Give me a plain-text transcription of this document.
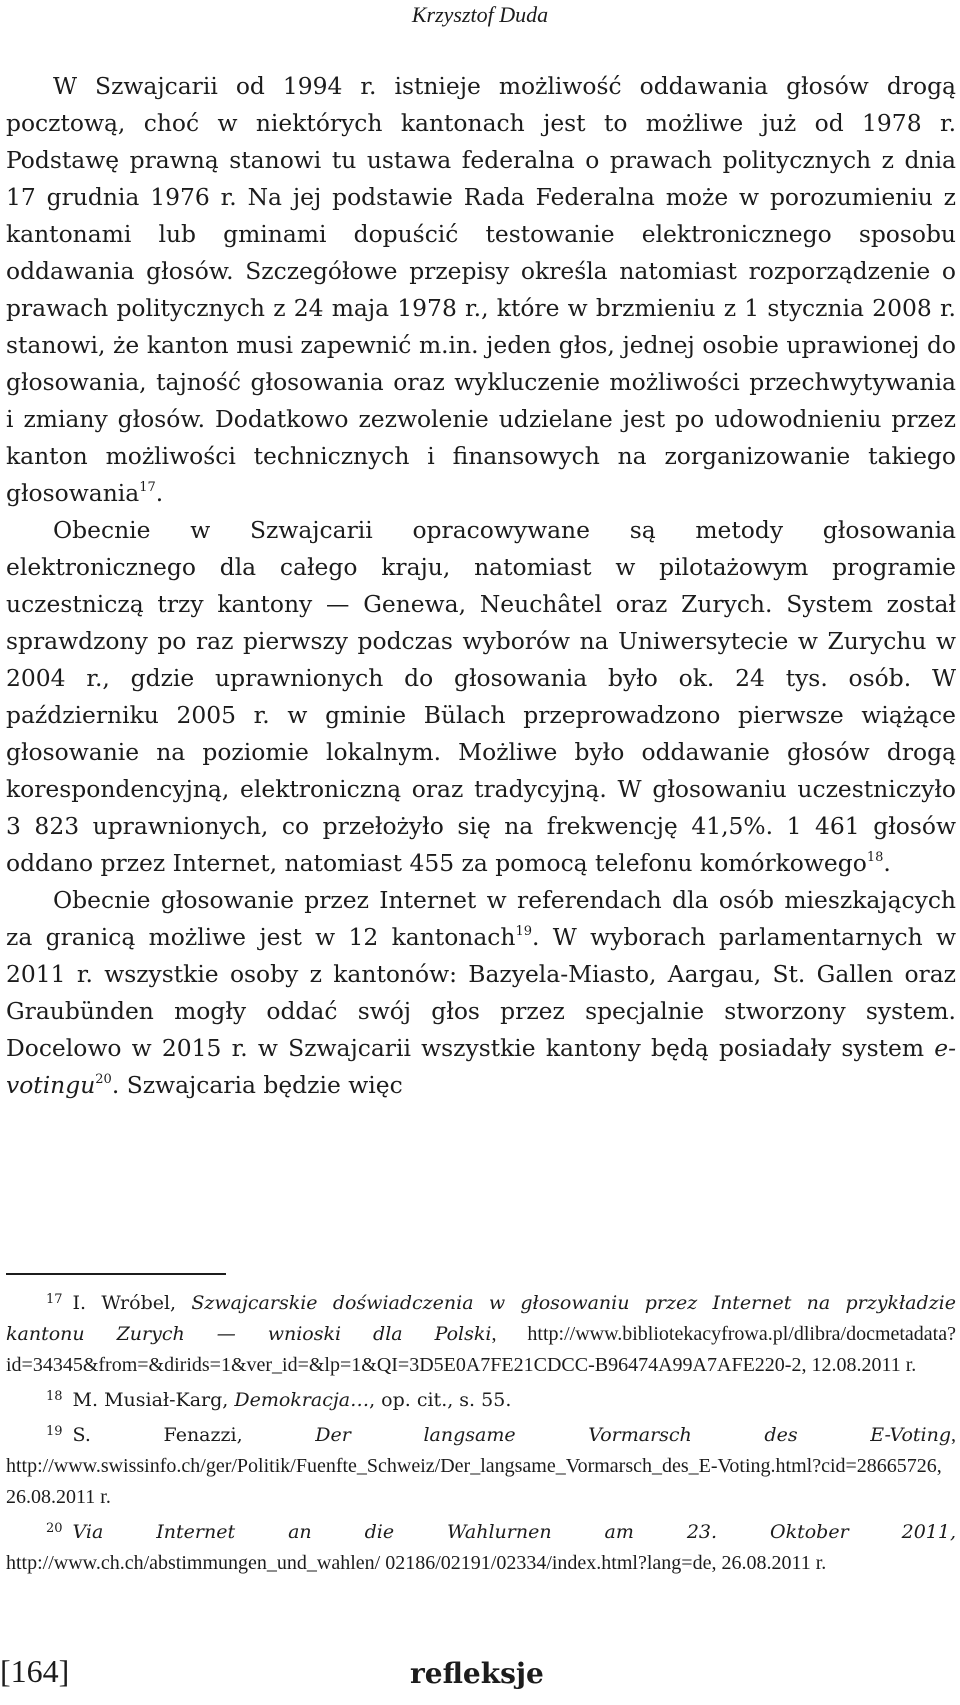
Krzysztof Duda

W Szwajcarii od 1994 r. istnieje możliwość oddawania głosów drogą pocztową, choć w niektórych kantonach jest to możliwe już od 1978 r. Podstawę prawną stanowi tu ustawa federalna o prawach politycznych z dnia 17 grudnia 1976 r. Na jej podstawie Rada Federalna może w porozumieniu z kantonami lub gminami dopuścić testowanie elektronicznego sposobu oddawania głosów. Szczegółowe przepisy określa natomiast rozporządzenie o prawach politycznych z 24 maja 1978 r., które w brzmieniu z 1 stycznia 2008 r. stanowi, że kanton musi zapewnić m.in. jeden głos, jednej osobie uprawionej do głosowania, tajność głosowania oraz wykluczenie możliwości przechwytywania i zmiany głosów. Dodatkowo zezwolenie udzielane jest po udowodnieniu przez kanton możliwości technicznych i finansowych na zorganizowanie takiego głosowania$^{17}$.

Obecnie w Szwajcarii opracowywane są metody głosowania elektronicznego dla całego kraju, natomiast w pilotażowym programie uczestniczą trzy kantony — Genewa, Neuchâtel oraz Zurych. System został sprawdzony po raz pierwszy podczas wyborów na Uniwersytecie w Zurychu w 2004 r., gdzie uprawnionych do głosowania było ok. 24 tys. osób. W październiku 2005 r. w gminie Bülach przeprowadzono pierwsze wiążące głosowanie na poziomie lokalnym. Możliwe było oddawanie głosów drogą korespondencyjną, elektroniczną oraz tradycyjną. W głosowaniu uczestniczyło 3 823 uprawnionych, co przełożyło się na frekwencję 41,5%. 1 461 głosów oddano przez Internet, natomiast 455 za pomocą telefonu komórkowego$^{18}$.

Obecnie głosowanie przez Internet w referendach dla osób mieszkających za granicą możliwe jest w 12 kantonach$^{19}$. W wyborach parlamentarnych w 2011 r. wszystkie osoby z kantonów: Bazyela-Miasto, Aargau, St. Gallen oraz Graubünden mogły oddać swój głos przez specjalnie stworzony system. Docelowo w 2015 r. w Szwajcarii wszystkie kantony będą posiadały system e-votingu$^{20}$. Szwajcaria będzie więc

$^{17}$ I. Wróbel, Szwajcarskie doświadczenia w głosowaniu przez Internet na przykładzie kantonu Zurych — wnioski dla Polski, http://www.bibliotekacyfrowa.pl/dlibra/docmetadata?id=34345&from=&dirids=1&ver_id=&lp=1&QI=3D5E0A7FE21CDCC-B96474A99A7AFE220-2, 12.08.2011 r.

$^{18}$ M. Musiał-Karg, Demokracja…, op. cit., s. 55.

$^{19}$ S. Fenazzi, Der langsame Vormarsch des E-Voting, http://www.swissinfo.ch/ger/Politik/Fuenfte_Schweiz/Der_langsame_Vormarsch_des_E-Voting.html?cid=28665726, 26.08.2011 r.

$^{20}$ Via Internet an die Wahlurnen am 23. Oktober 2011, http://www.ch.ch/abstimmungen_und_wahlen/ 02186/02191/02334/index.html?lang=de, 26.08.2011 r.

[164]	refleksje
